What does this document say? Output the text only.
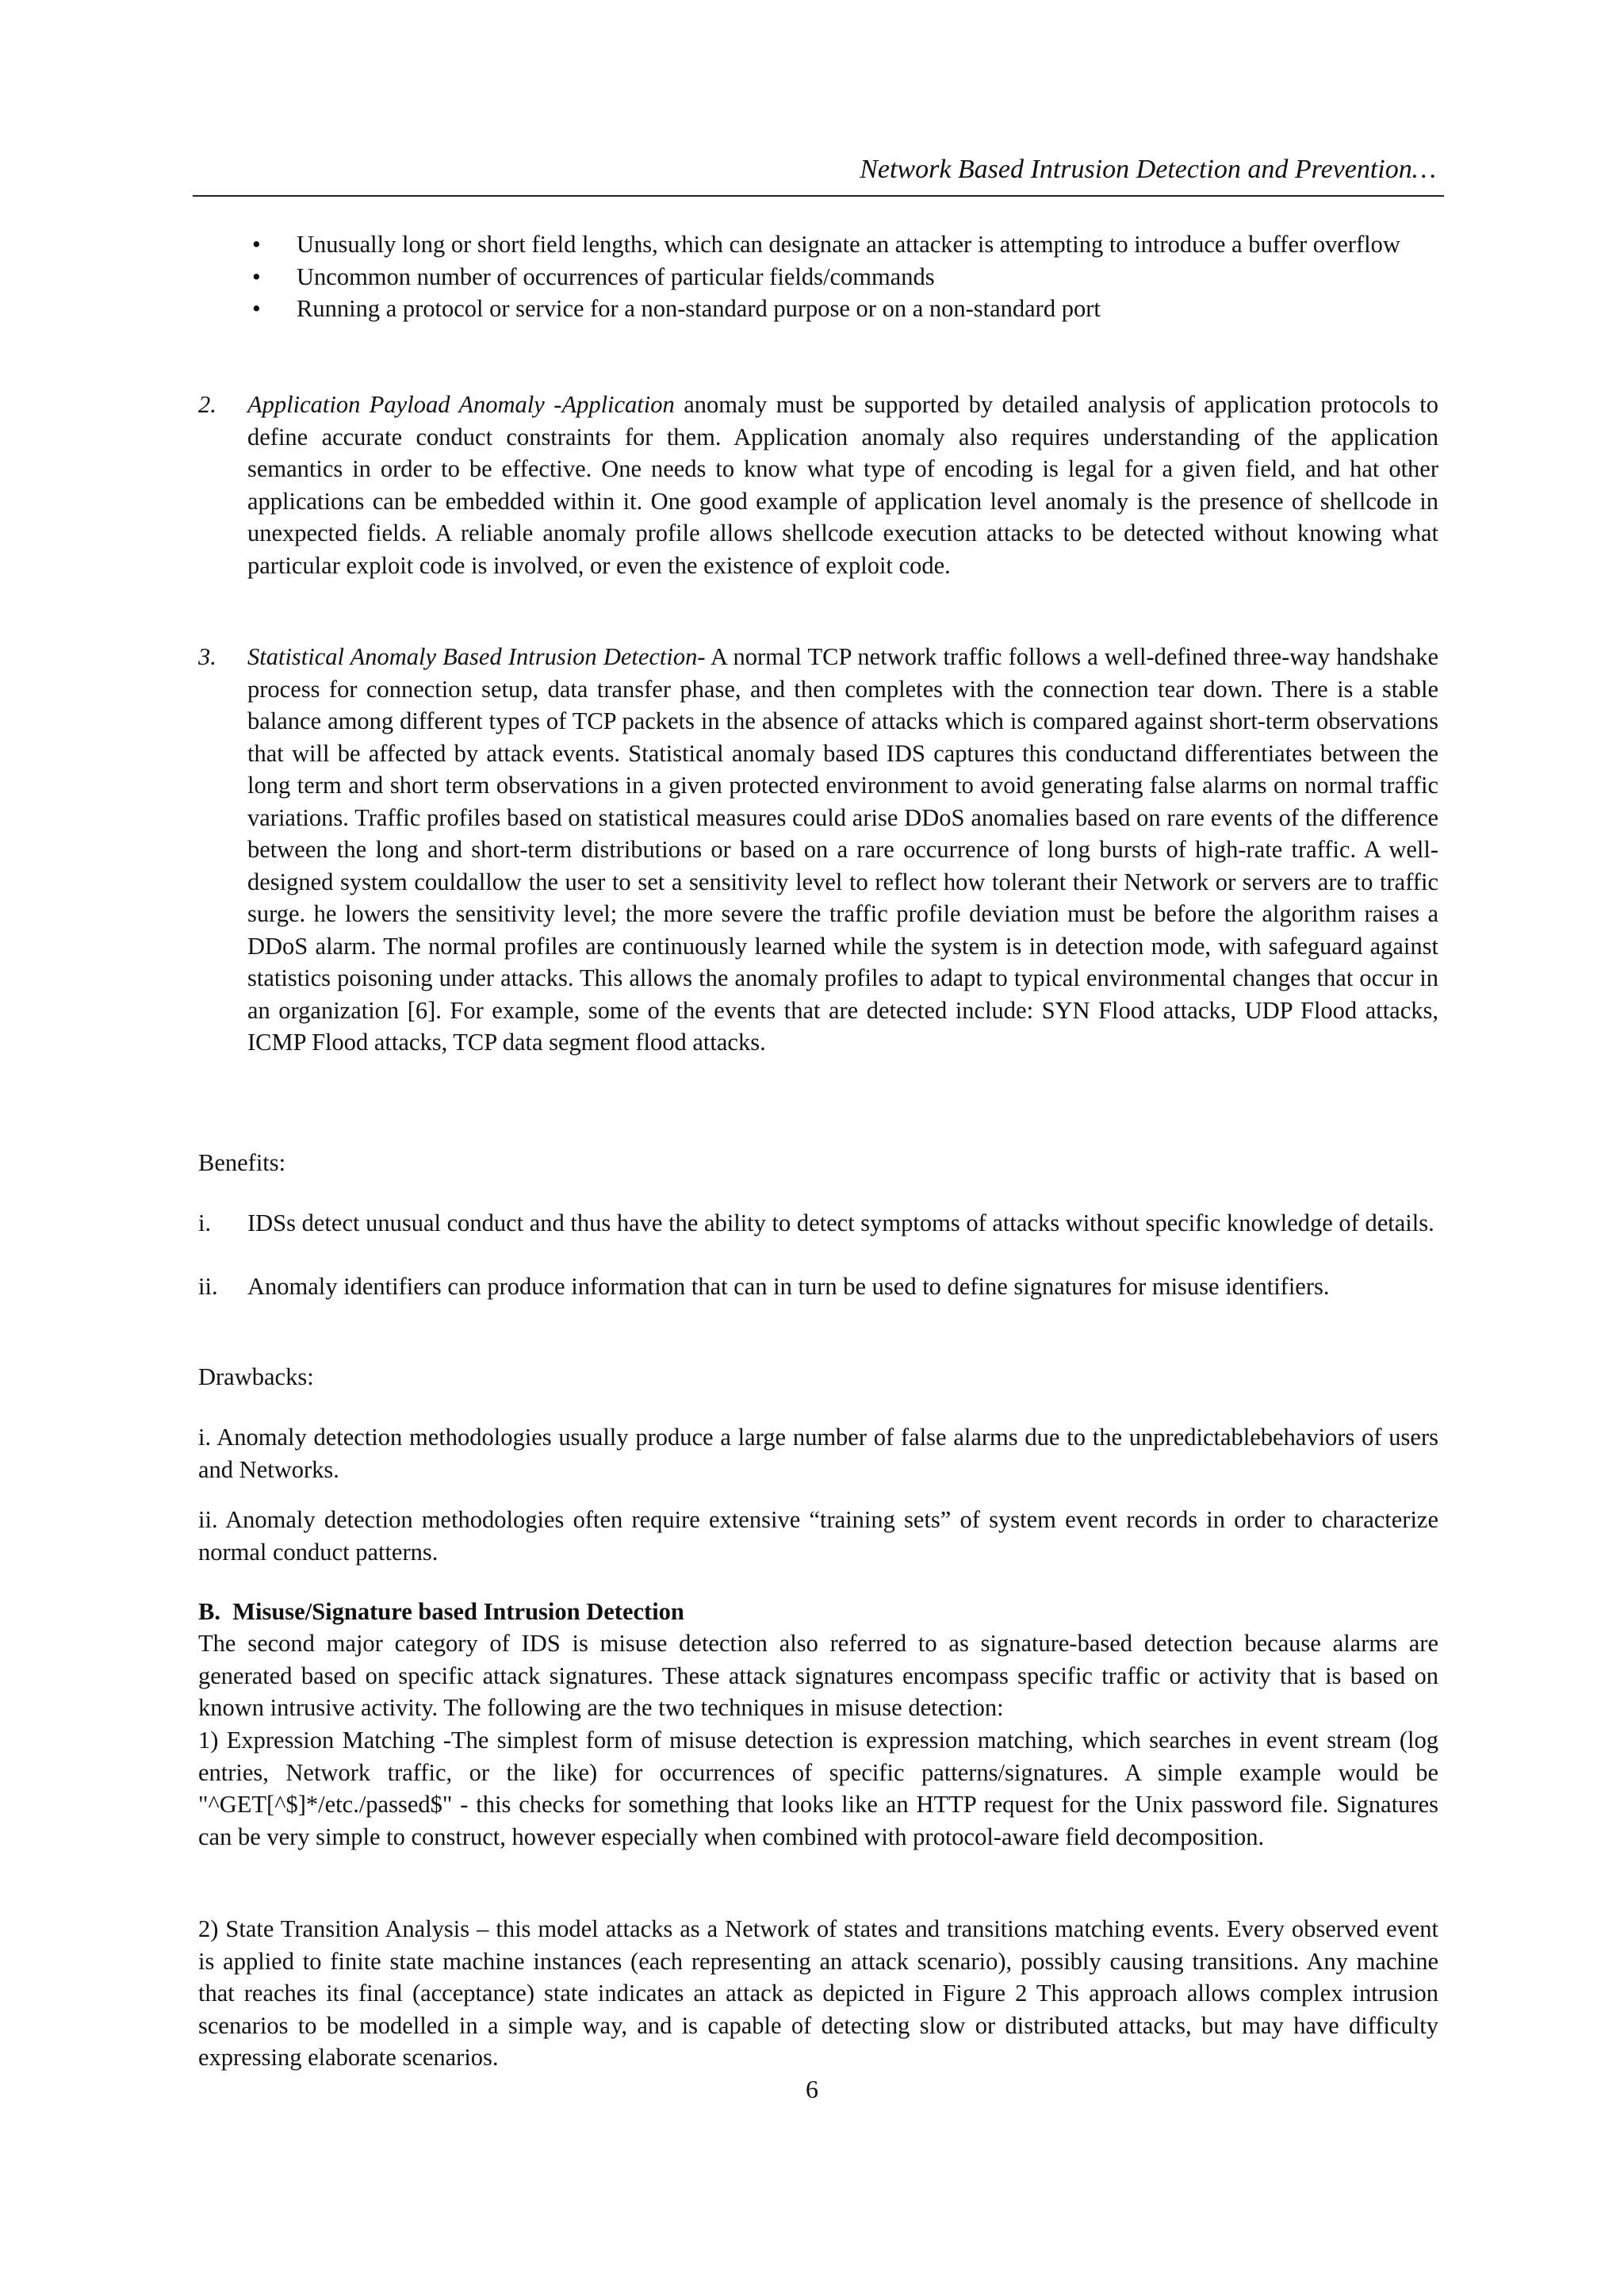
Network Based Intrusion Detection and Prevention…
•	Unusually long or short field lengths, which can designate an attacker is attempting to introduce a buffer overflow
•	Uncommon number of occurrences of particular fields/commands
•	Running a protocol or service for a non-standard purpose or on a non-standard port
2. Application Payload Anomaly -Application anomaly must be supported by detailed analysis of application protocols to define accurate conduct constraints for them. Application anomaly also requires understanding of the application semantics in order to be effective. One needs to know what type of encoding is legal for a given field, and hat other applications can be embedded within it. One good example of application level anomaly is the presence of shellcode in unexpected fields. A reliable anomaly profile allows shellcode execution attacks to be detected without knowing what particular exploit code is involved, or even the existence of exploit code.
3. Statistical Anomaly Based Intrusion Detection- A normal TCP network traffic follows a well-defined three-way handshake process for connection setup, data transfer phase, and then completes with the connection tear down. There is a stable balance among different types of TCP packets in the absence of attacks which is compared against short-term observations that will be affected by attack events. Statistical anomaly based IDS captures this conductand differentiates between the long term and short term observations in a given protected environment to avoid generating false alarms on normal traffic variations. Traffic profiles based on statistical measures could arise DDoS anomalies based on rare events of the difference between the long and short-term distributions or based on a rare occurrence of long bursts of high-rate traffic. A well-designed system couldallow the user to set a sensitivity level to reflect how tolerant their Network or servers are to traffic surge. he lowers the sensitivity level; the more severe the traffic profile deviation must be before the algorithm raises a DDoS alarm. The normal profiles are continuously learned while the system is in detection mode, with safeguard against statistics poisoning under attacks. This allows the anomaly profiles to adapt to typical environmental changes that occur in an organization [6]. For example, some of the events that are detected include: SYN Flood attacks, UDP Flood attacks, ICMP Flood attacks, TCP data segment flood attacks.
Benefits:
i. IDSs detect unusual conduct and thus have the ability to detect symptoms of attacks without specific knowledge of details.
ii. Anomaly identifiers can produce information that can in turn be used to define signatures for misuse identifiers.
Drawbacks:
i. Anomaly detection methodologies usually produce a large number of false alarms due to the unpredictablebehaviors of users and Networks.
ii. Anomaly detection methodologies often require extensive “training sets” of system event records in order to characterize normal conduct patterns.
B.  Misuse/Signature based Intrusion Detection
The second major category of IDS is misuse detection also referred to as signature-based detection because alarms are generated based on specific attack signatures. These attack signatures encompass specific traffic or activity that is based on known intrusive activity. The following are the two techniques in misuse detection:
1) Expression Matching -The simplest form of misuse detection is expression matching, which searches in event stream (log entries, Network traffic, or the like) for occurrences of specific patterns/signatures. A simple example would be "^GET[^$]*/etc./passed$" - this checks for something that looks like an HTTP request for the Unix password file. Signatures can be very simple to construct, however especially when combined with protocol-aware field decomposition.
2) State Transition Analysis – this model attacks as a Network of states and transitions matching events. Every observed event is applied to finite state machine instances (each representing an attack scenario), possibly causing transitions. Any machine that reaches its final (acceptance) state indicates an attack as depicted in Figure 2 This approach allows complex intrusion scenarios to be modelled in a simple way, and is capable of detecting slow or distributed attacks, but may have difficulty expressing elaborate scenarios.
6
